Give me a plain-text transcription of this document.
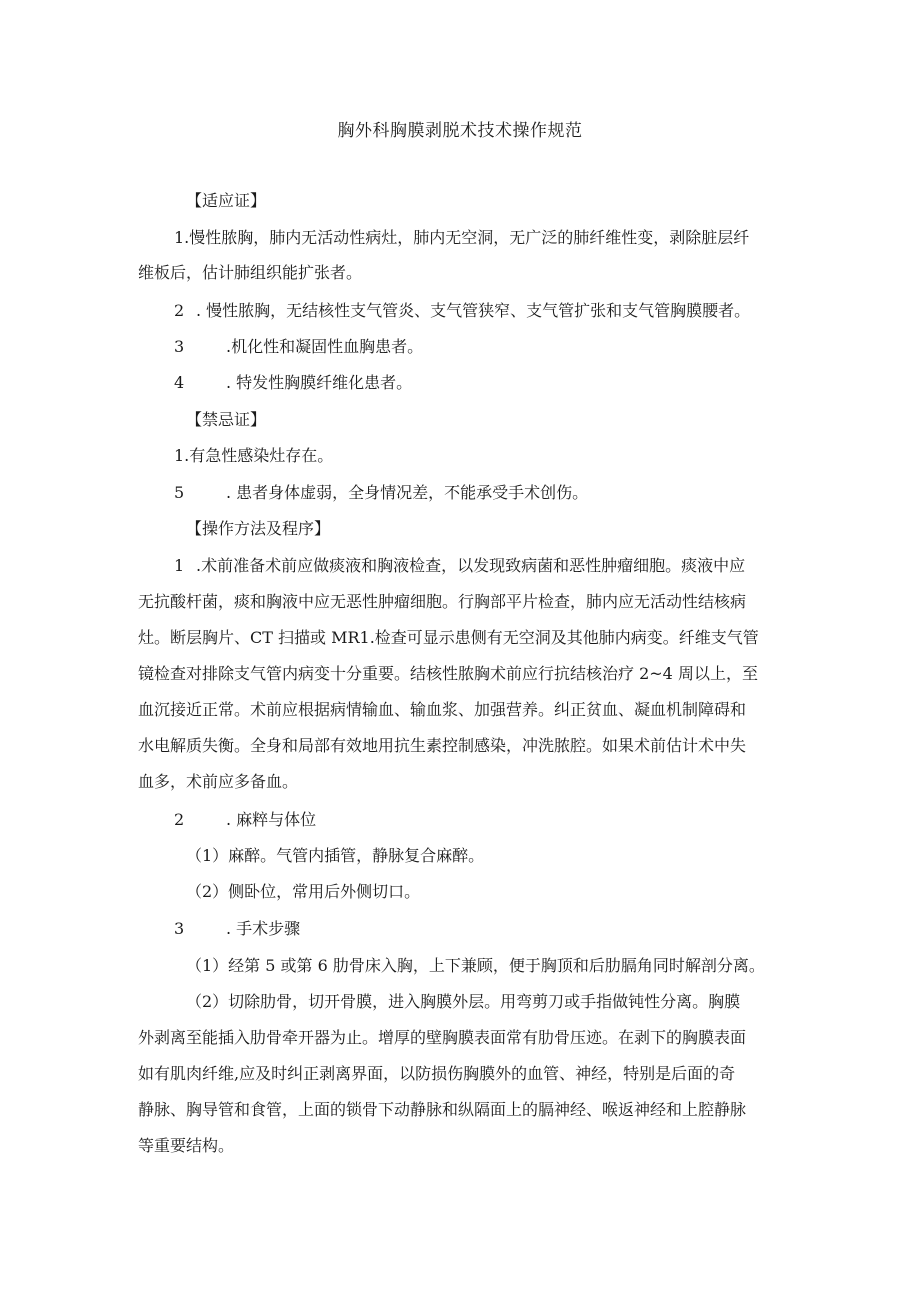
胸外科胸膜剥脱术技术操作规范
【适应证】
1.慢性脓胸，肺内无活动性病灶，肺内无空洞，无广泛的肺纤维性变，剥除脏层纤
维板后，估计肺组织能扩张者。
2 . 慢性脓胸，无结核性支气管炎、支气管狭窄、支气管扩张和支气管胸膜腰者。
3	.机化性和凝固性血胸患者。
4	. 特发性胸膜纤维化患者。
【禁忌证】
1.有急性感染灶存在。
5	. 患者身体虚弱，全身情况差，不能承受手术创伤。
【操作方法及程序】
1 .术前准备术前应做痰液和胸液检查，以发现致病菌和恶性肿瘤细胞。痰液中应
无抗酸杆菌，痰和胸液中应无恶性肿瘤细胞。行胸部平片检查，肺内应无活动性结核病
灶。断层胸片、CT 扫描或 MR1.检查可显示患侧有无空洞及其他肺内病变。纤维支气管
镜检查对排除支气管内病变十分重要。结核性脓胸术前应行抗结核治疗 2~4 周以上，至
血沉接近正常。术前应根据病情输血、输血浆、加强营养。纠正贫血、凝血机制障碍和
水电解质失衡。全身和局部有效地用抗生素控制感染，冲洗脓腔。如果术前估计术中失
血多，术前应多备血。
2	. 麻粹与体位
（1）麻醉。气管内插管，静脉复合麻醉。
（2）侧卧位，常用后外侧切口。
3	. 手术步骤
（1）经第 5 或第 6 肋骨床入胸，上下兼顾，便于胸顶和后肋膈角同时解剖分离。
（2）切除肋骨，切开骨膜，进入胸膜外层。用弯剪刀或手指做钝性分离。胸膜
外剥离至能插入肋骨牵开器为止。增厚的壁胸膜表面常有肋骨压迹。在剥下的胸膜表面
如有肌肉纤维,应及时纠正剥离界面，以防损伤胸膜外的血管、神经，特别是后面的奇
静脉、胸导管和食管，上面的锁骨下动静脉和纵隔面上的膈神经、喉返神经和上腔静脉
等重要结构。
